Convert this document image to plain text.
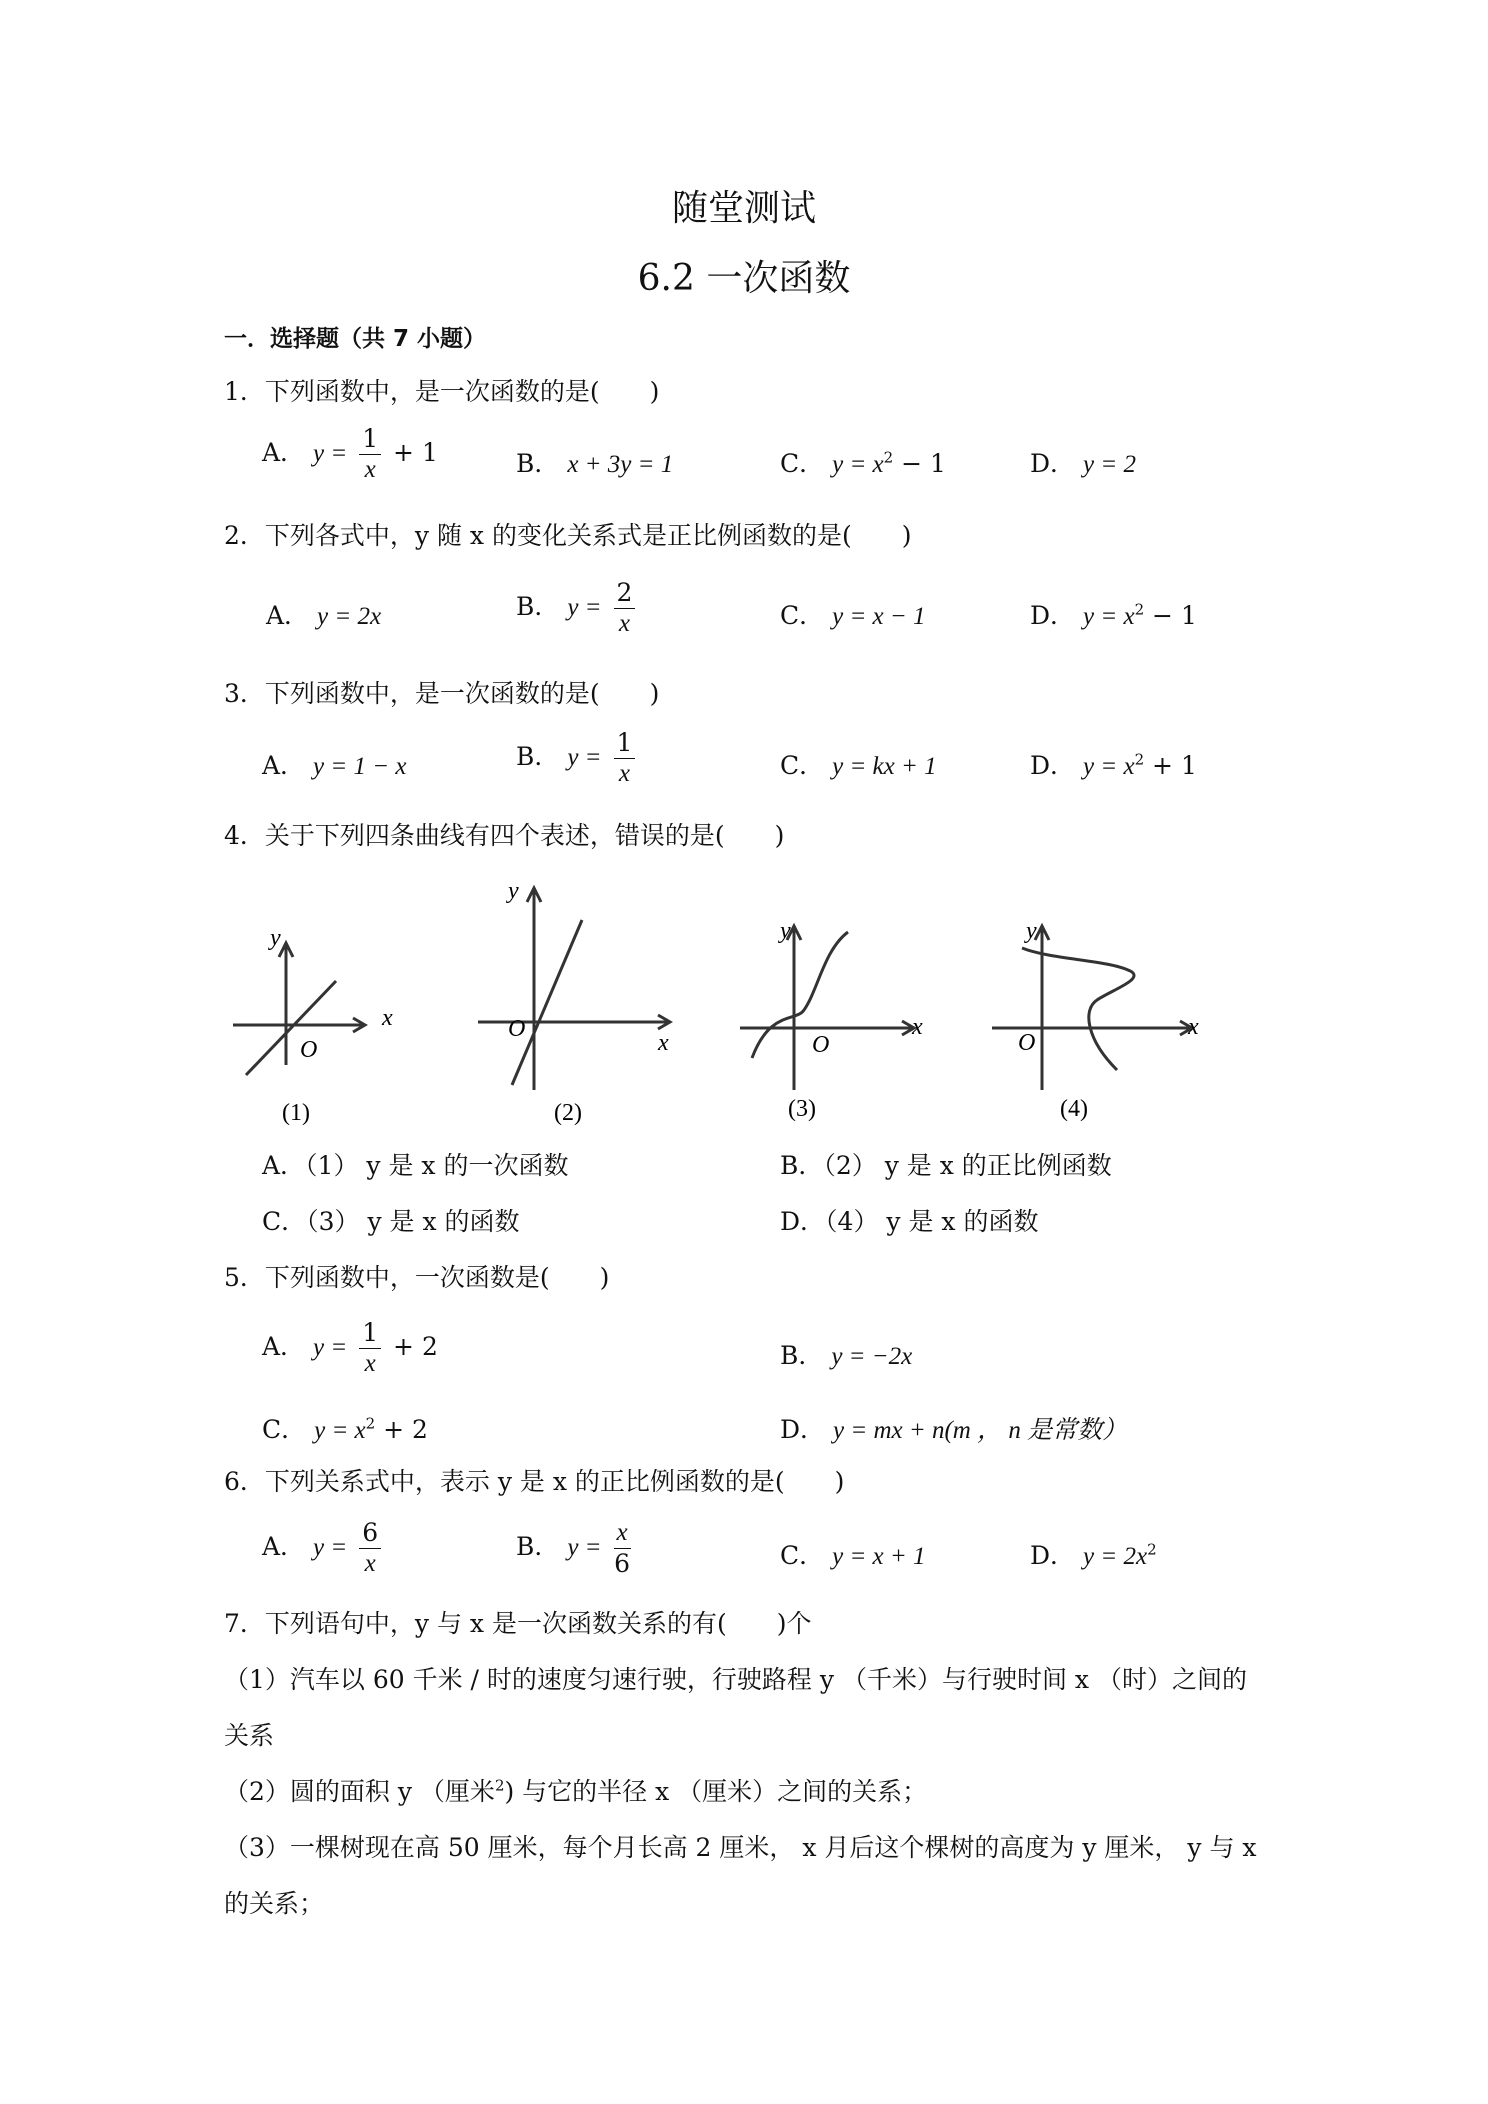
随堂测试
6.2 一次函数
一．选择题（共 7 小题）
1．下列函数中，是一次函数的是(　　)
A． $y = \frac{1}{x} + 1$	B． x + 3y = 1	C． $y = x^2 - 1$	D． y = 2
2．下列各式中，y 随 x 的变化关系式是正比例函数的是(　　)
A． y = 2x	B． $y = \frac{2}{x}$	C． y = x − 1	D． $y = x^2 - 1$
3．下列函数中，是一次函数的是(　　)
A． y = 1 − x	B． $y = \frac{1}{x}$	C． y = kx + 1	D． $y = x^2 + 1$
4．关于下列四条曲线有四个表述，错误的是(　　)
x
y
O
(1)
x
y
O
(2)
x
y
O
(3)
x
y
O
(4)
A．（1） y 是 x 的一次函数	B．（2） y 是 x 的正比例函数
C．（3） y 是 x 的函数	D．（4） y 是 x 的函数
5．下列函数中，一次函数是(　　)
A． $y = \frac{1}{x} + 2$	B． y = −2x
C． $y = x^2 + 2$	D． y = mx + n(m ， n 是常数）
6．下列关系式中，表示 y 是 x 的正比例函数的是(　　)
A． $y = \frac{6}{x}$	B． $y = \frac{x}{6}$	C． y = x + 1	D． $y = 2x^2$
7．下列语句中，y 与 x 是一次函数关系的有(　　)个
（1）汽车以 60 千米 / 时的速度匀速行驶，行驶路程 y （千米）与行驶时间 x （时）之间的
关系
（2）圆的面积 y （厘米$^2$) 与它的半径 x （厘米）之间的关系；
（3）一棵树现在高 50 厘米，每个月长高 2 厘米， x 月后这个棵树的高度为 y 厘米， y 与 x
的关系；
